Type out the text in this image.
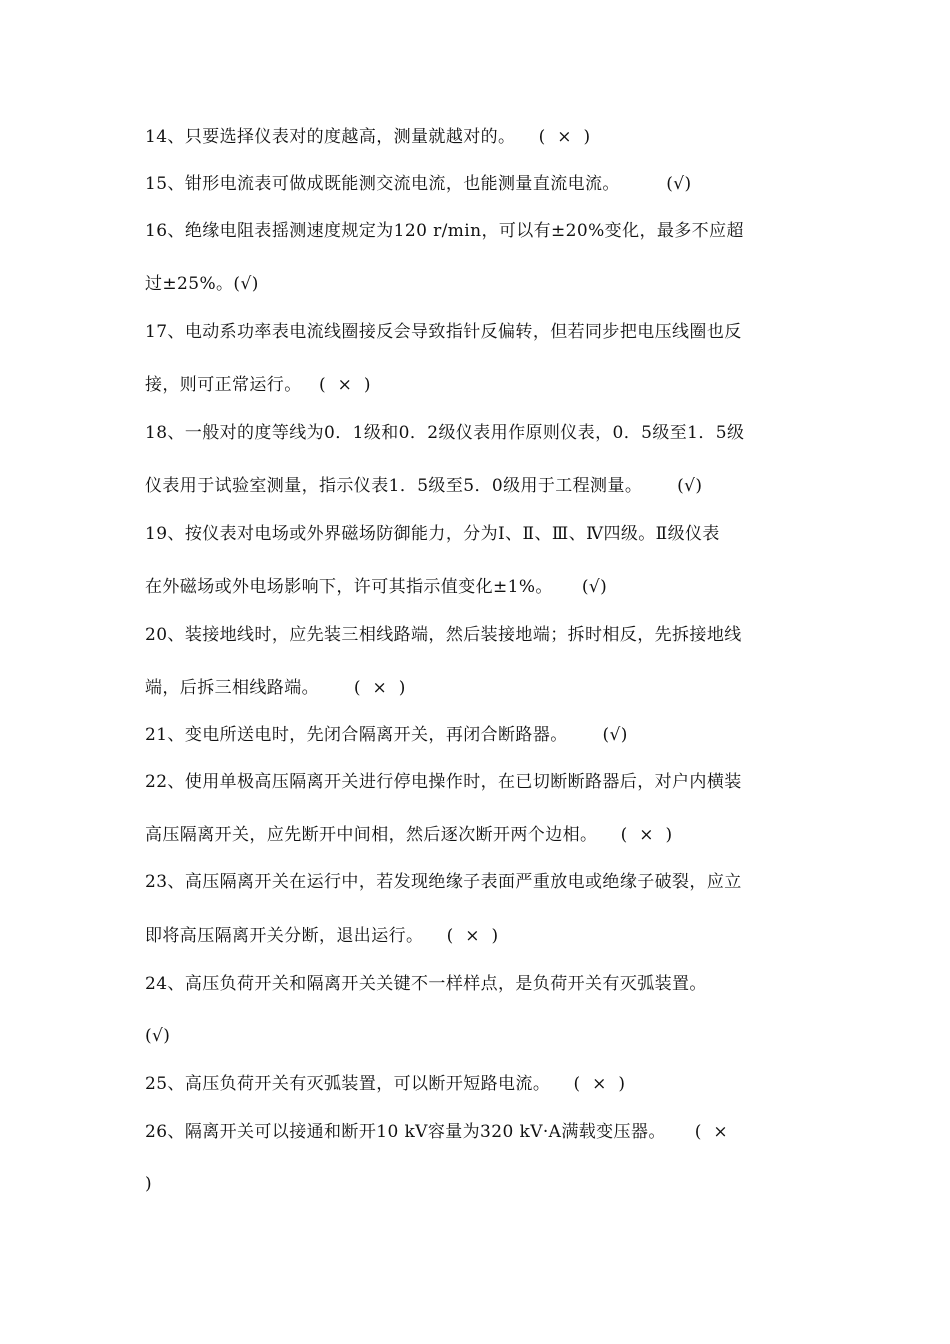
14、只要选择仪表对的度越高，测量就越对的。    (  ×  )
15、钳形电流表可做成既能测交流电流，也能测量直流电流。        (√)
16、绝缘电阻表摇测速度规定为120 r/min，可以有±20%变化，最多不应超
过±25%。(√)
17、电动系功率表电流线圈接反会导致指针反偏转，但若同步把电压线圈也反
接，则可正常运行。   (  ×  )
18、一般对的度等线为0．1级和0．2级仪表用作原则仪表，0．5级至1．5级
仪表用于试验室测量，指示仪表1．5级至5．0级用于工程测量。      (√)
19、按仪表对电场或外界磁场防御能力，分为Ⅰ、Ⅱ、Ⅲ、Ⅳ四级。Ⅱ级仪表
在外磁场或外电场影响下，许可其指示值变化±1%。     (√)
20、装接地线时，应先装三相线路端，然后装接地端；拆时相反，先拆接地线
端，后拆三相线路端。      (  ×  )
21、变电所送电时，先闭合隔离开关，再闭合断路器。      (√)
22、使用单极高压隔离开关进行停电操作时，在已切断断路器后，对户内横装
高压隔离开关，应先断开中间相，然后逐次断开两个边相。    (  ×  )
23、高压隔离开关在运行中，若发现绝缘子表面严重放电或绝缘子破裂，应立
即将高压隔离开关分断，退出运行。    (  ×  )
24、高压负荷开关和隔离开关关键不一样样点，是负荷开关有灭弧装置。
(√)
25、高压负荷开关有灭弧装置，可以断开短路电流。    (  ×  )
26、隔离开关可以接通和断开10 kV容量为320 kV·A满载变压器。     (  ×
)
